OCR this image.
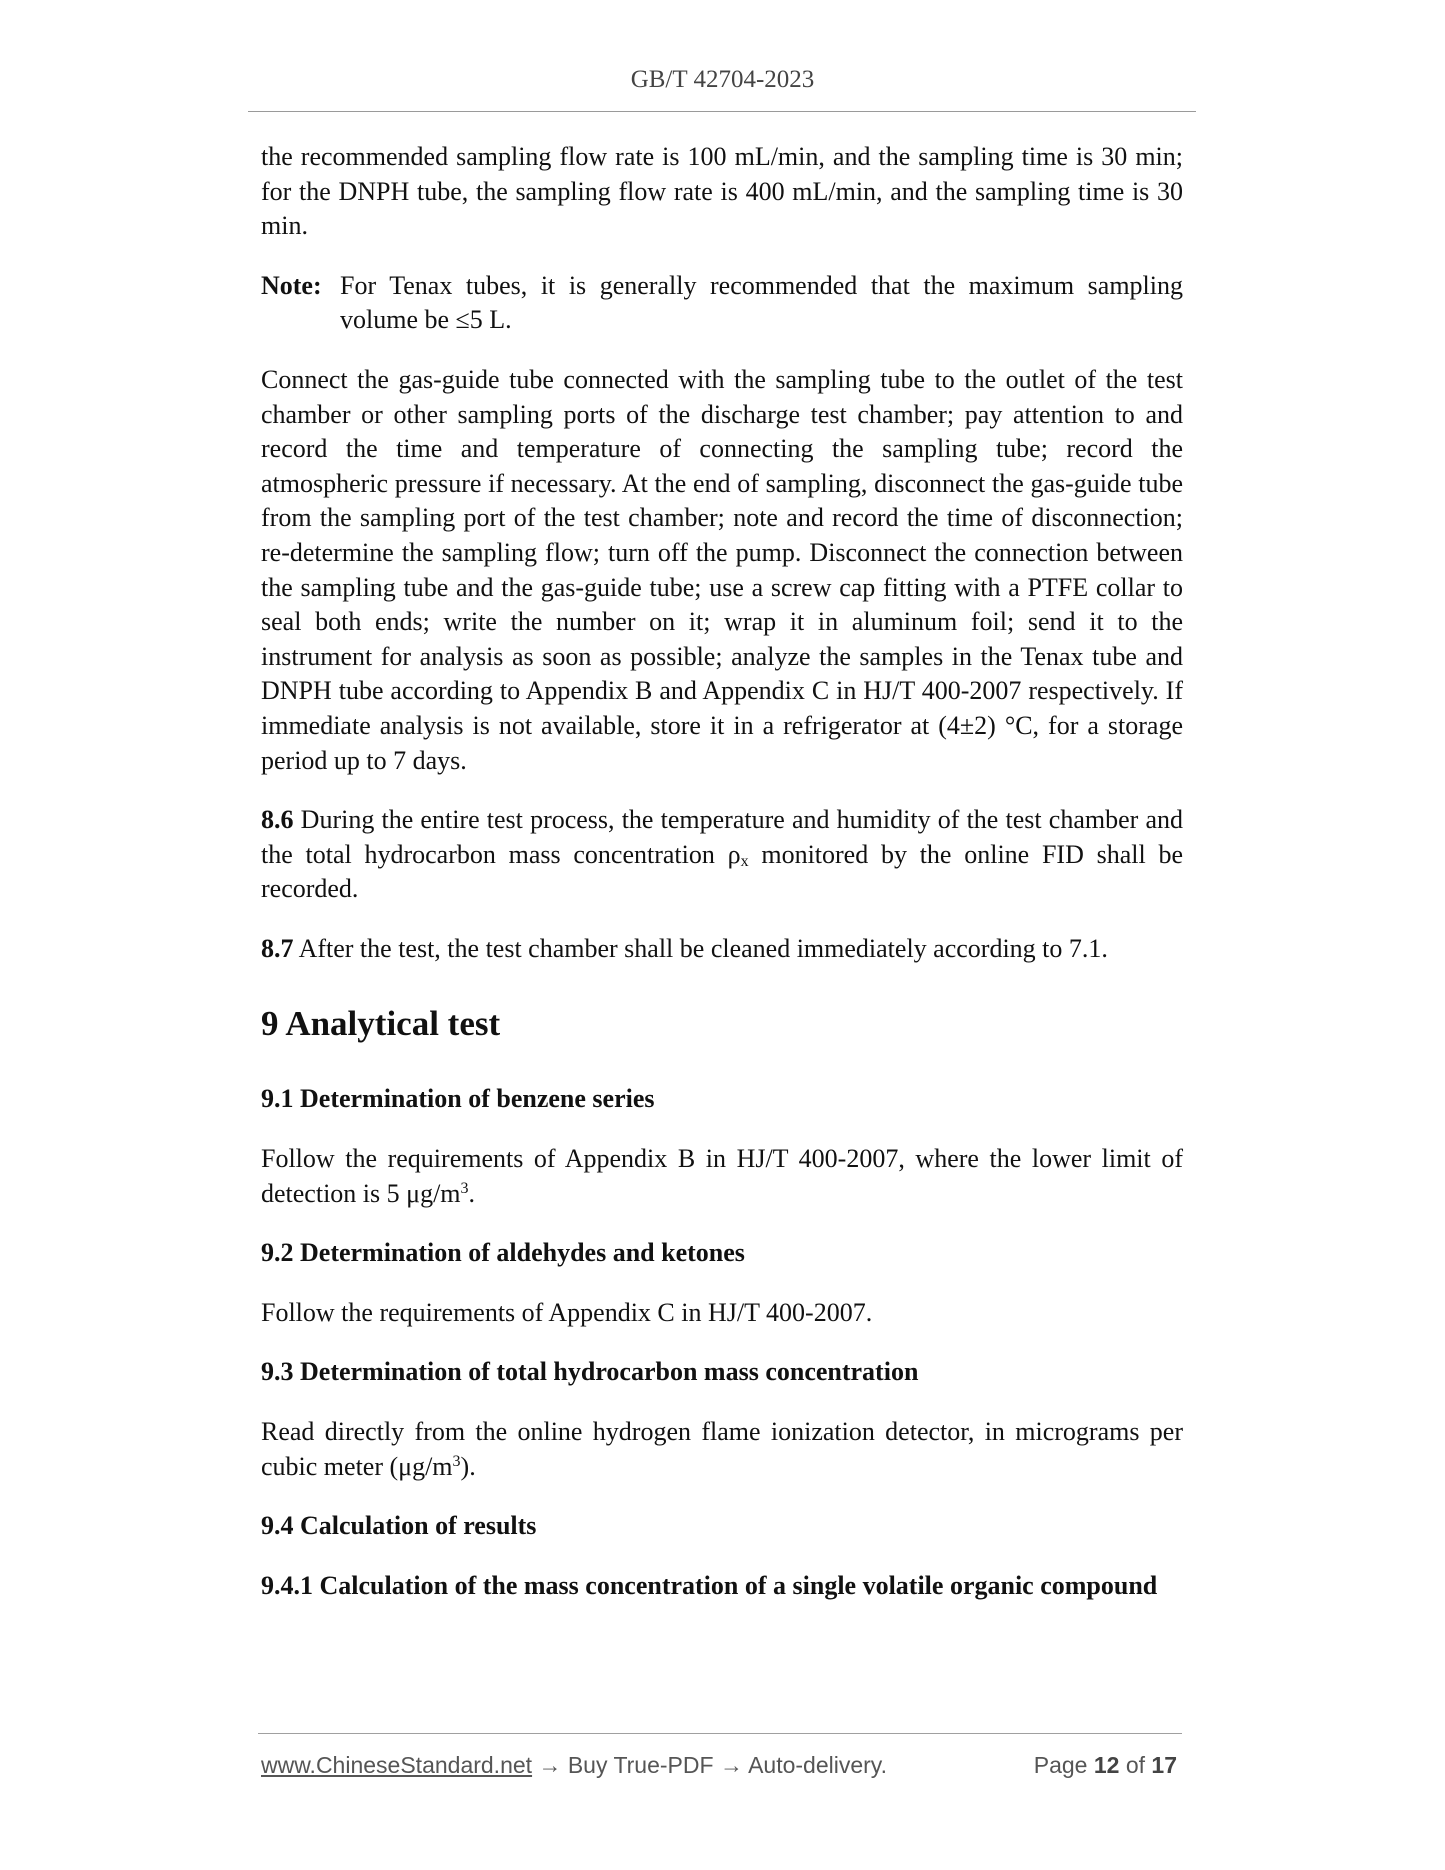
GB/T 42704-2023

the recommended sampling flow rate is 100 mL/min, and the sampling time is 30 min; for the DNPH tube, the sampling flow rate is 400 mL/min, and the sampling time is 30 min.

Note: For Tenax tubes, it is generally recommended that the maximum sampling volume be ≤5 L.

Connect the gas-guide tube connected with the sampling tube to the outlet of the test chamber or other sampling ports of the discharge test chamber; pay attention to and record the time and temperature of connecting the sampling tube; record the atmospheric pressure if necessary. At the end of sampling, disconnect the gas-guide tube from the sampling port of the test chamber; note and record the time of disconnection; re-determine the sampling flow; turn off the pump. Disconnect the connection between the sampling tube and the gas-guide tube; use a screw cap fitting with a PTFE collar to seal both ends; write the number on it; wrap it in aluminum foil; send it to the instrument for analysis as soon as possible; analyze the samples in the Tenax tube and DNPH tube according to Appendix B and Appendix C in HJ/T 400-2007 respectively. If immediate analysis is not available, store it in a refrigerator at (4±2) °C, for a storage period up to 7 days.

8.6 During the entire test process, the temperature and humidity of the test chamber and the total hydrocarbon mass concentration $\rho_x$ monitored by the online FID shall be recorded.

8.7 After the test, the test chamber shall be cleaned immediately according to 7.1.

9 Analytical test
9.1 Determination of benzene series

Follow the requirements of Appendix B in HJ/T 400-2007, where the lower limit of detection is 5 $\mu g/m^3$.

9.2 Determination of aldehydes and ketones

Follow the requirements of Appendix C in HJ/T 400-2007.

9.3 Determination of total hydrocarbon mass concentration

Read directly from the online hydrogen flame ionization detector, in micrograms per cubic meter $(\mu g/m^3)$.

9.4 Calculation of results
9.4.1 Calculation of the mass concentration of a single volatile organic compound
www.ChineseStandard.net → Buy True-PDF → Auto-delivery.	Page 12 of 17
